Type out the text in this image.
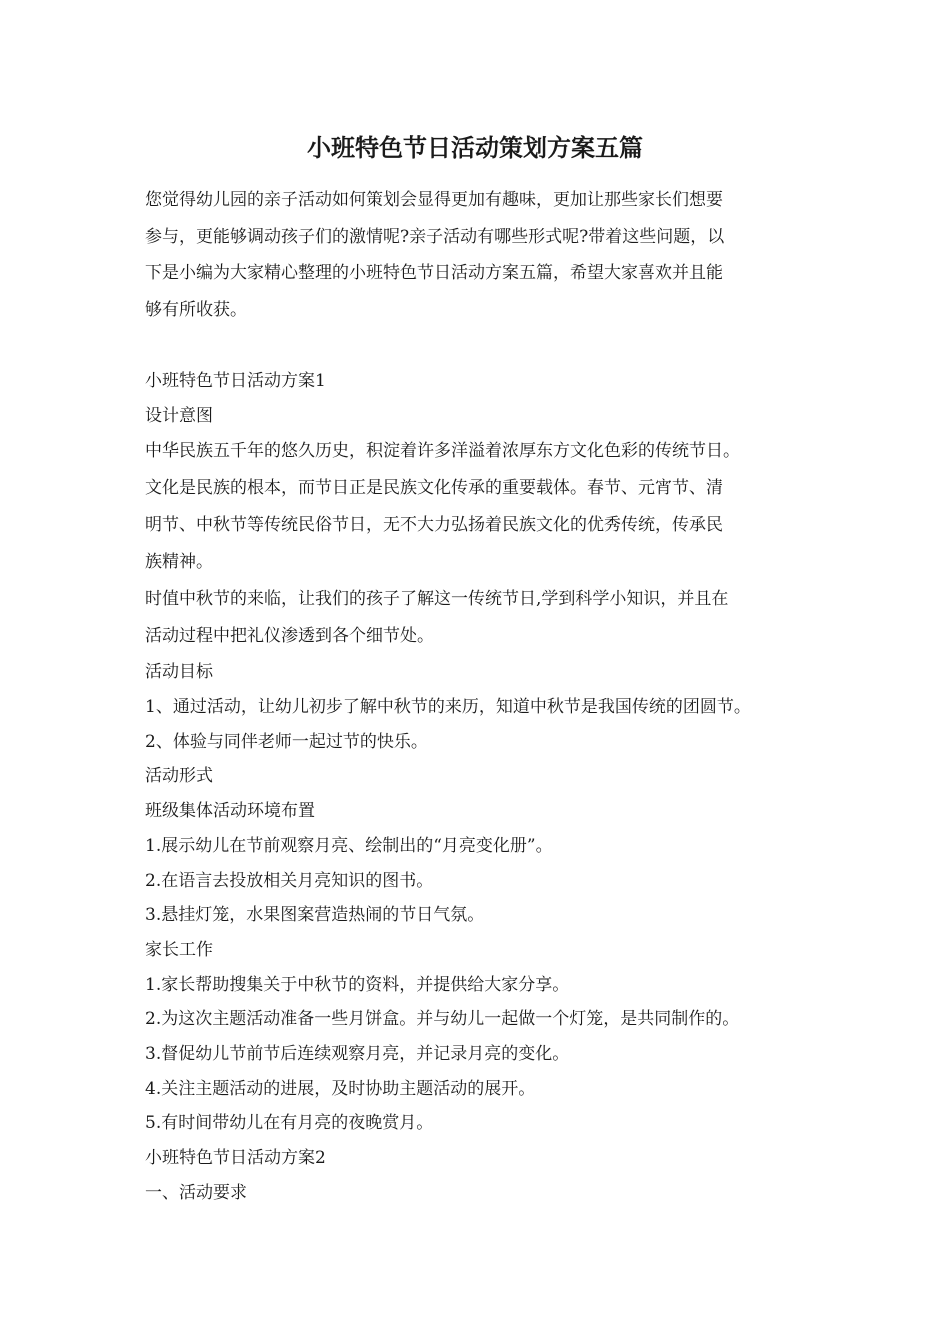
小班特色节日活动策划方案五篇
您觉得幼儿园的亲子活动如何策划会显得更加有趣味，更加让那些家长们想要
参与，更能够调动孩子们的激情呢?亲子活动有哪些形式呢?带着这些问题，以
下是小编为大家精心整理的小班特色节日活动方案五篇，希望大家喜欢并且能
够有所收获。
小班特色节日活动方案1
设计意图
中华民族五千年的悠久历史，积淀着许多洋溢着浓厚东方文化色彩的传统节日。
文化是民族的根本，而节日正是民族文化传承的重要载体。春节、元宵节、清
明节、中秋节等传统民俗节日，无不大力弘扬着民族文化的优秀传统，传承民
族精神。
时值中秋节的来临，让我们的孩子了解这一传统节日,学到科学小知识，并且在
活动过程中把礼仪渗透到各个细节处。
活动目标
1、通过活动，让幼儿初步了解中秋节的来历，知道中秋节是我国传统的团圆节。
2、体验与同伴老师一起过节的快乐。
活动形式
班级集体活动环境布置
1.展示幼儿在节前观察月亮、绘制出的“月亮变化册”。
2.在语言去投放相关月亮知识的图书。
3.悬挂灯笼，水果图案营造热闹的节日气氛。
家长工作
1.家长帮助搜集关于中秋节的资料，并提供给大家分享。
2.为这次主题活动准备一些月饼盒。并与幼儿一起做一个灯笼，是共同制作的。
3.督促幼儿节前节后连续观察月亮，并记录月亮的变化。
4.关注主题活动的进展，及时协助主题活动的展开。
5.有时间带幼儿在有月亮的夜晚赏月。
小班特色节日活动方案2
一、活动要求
